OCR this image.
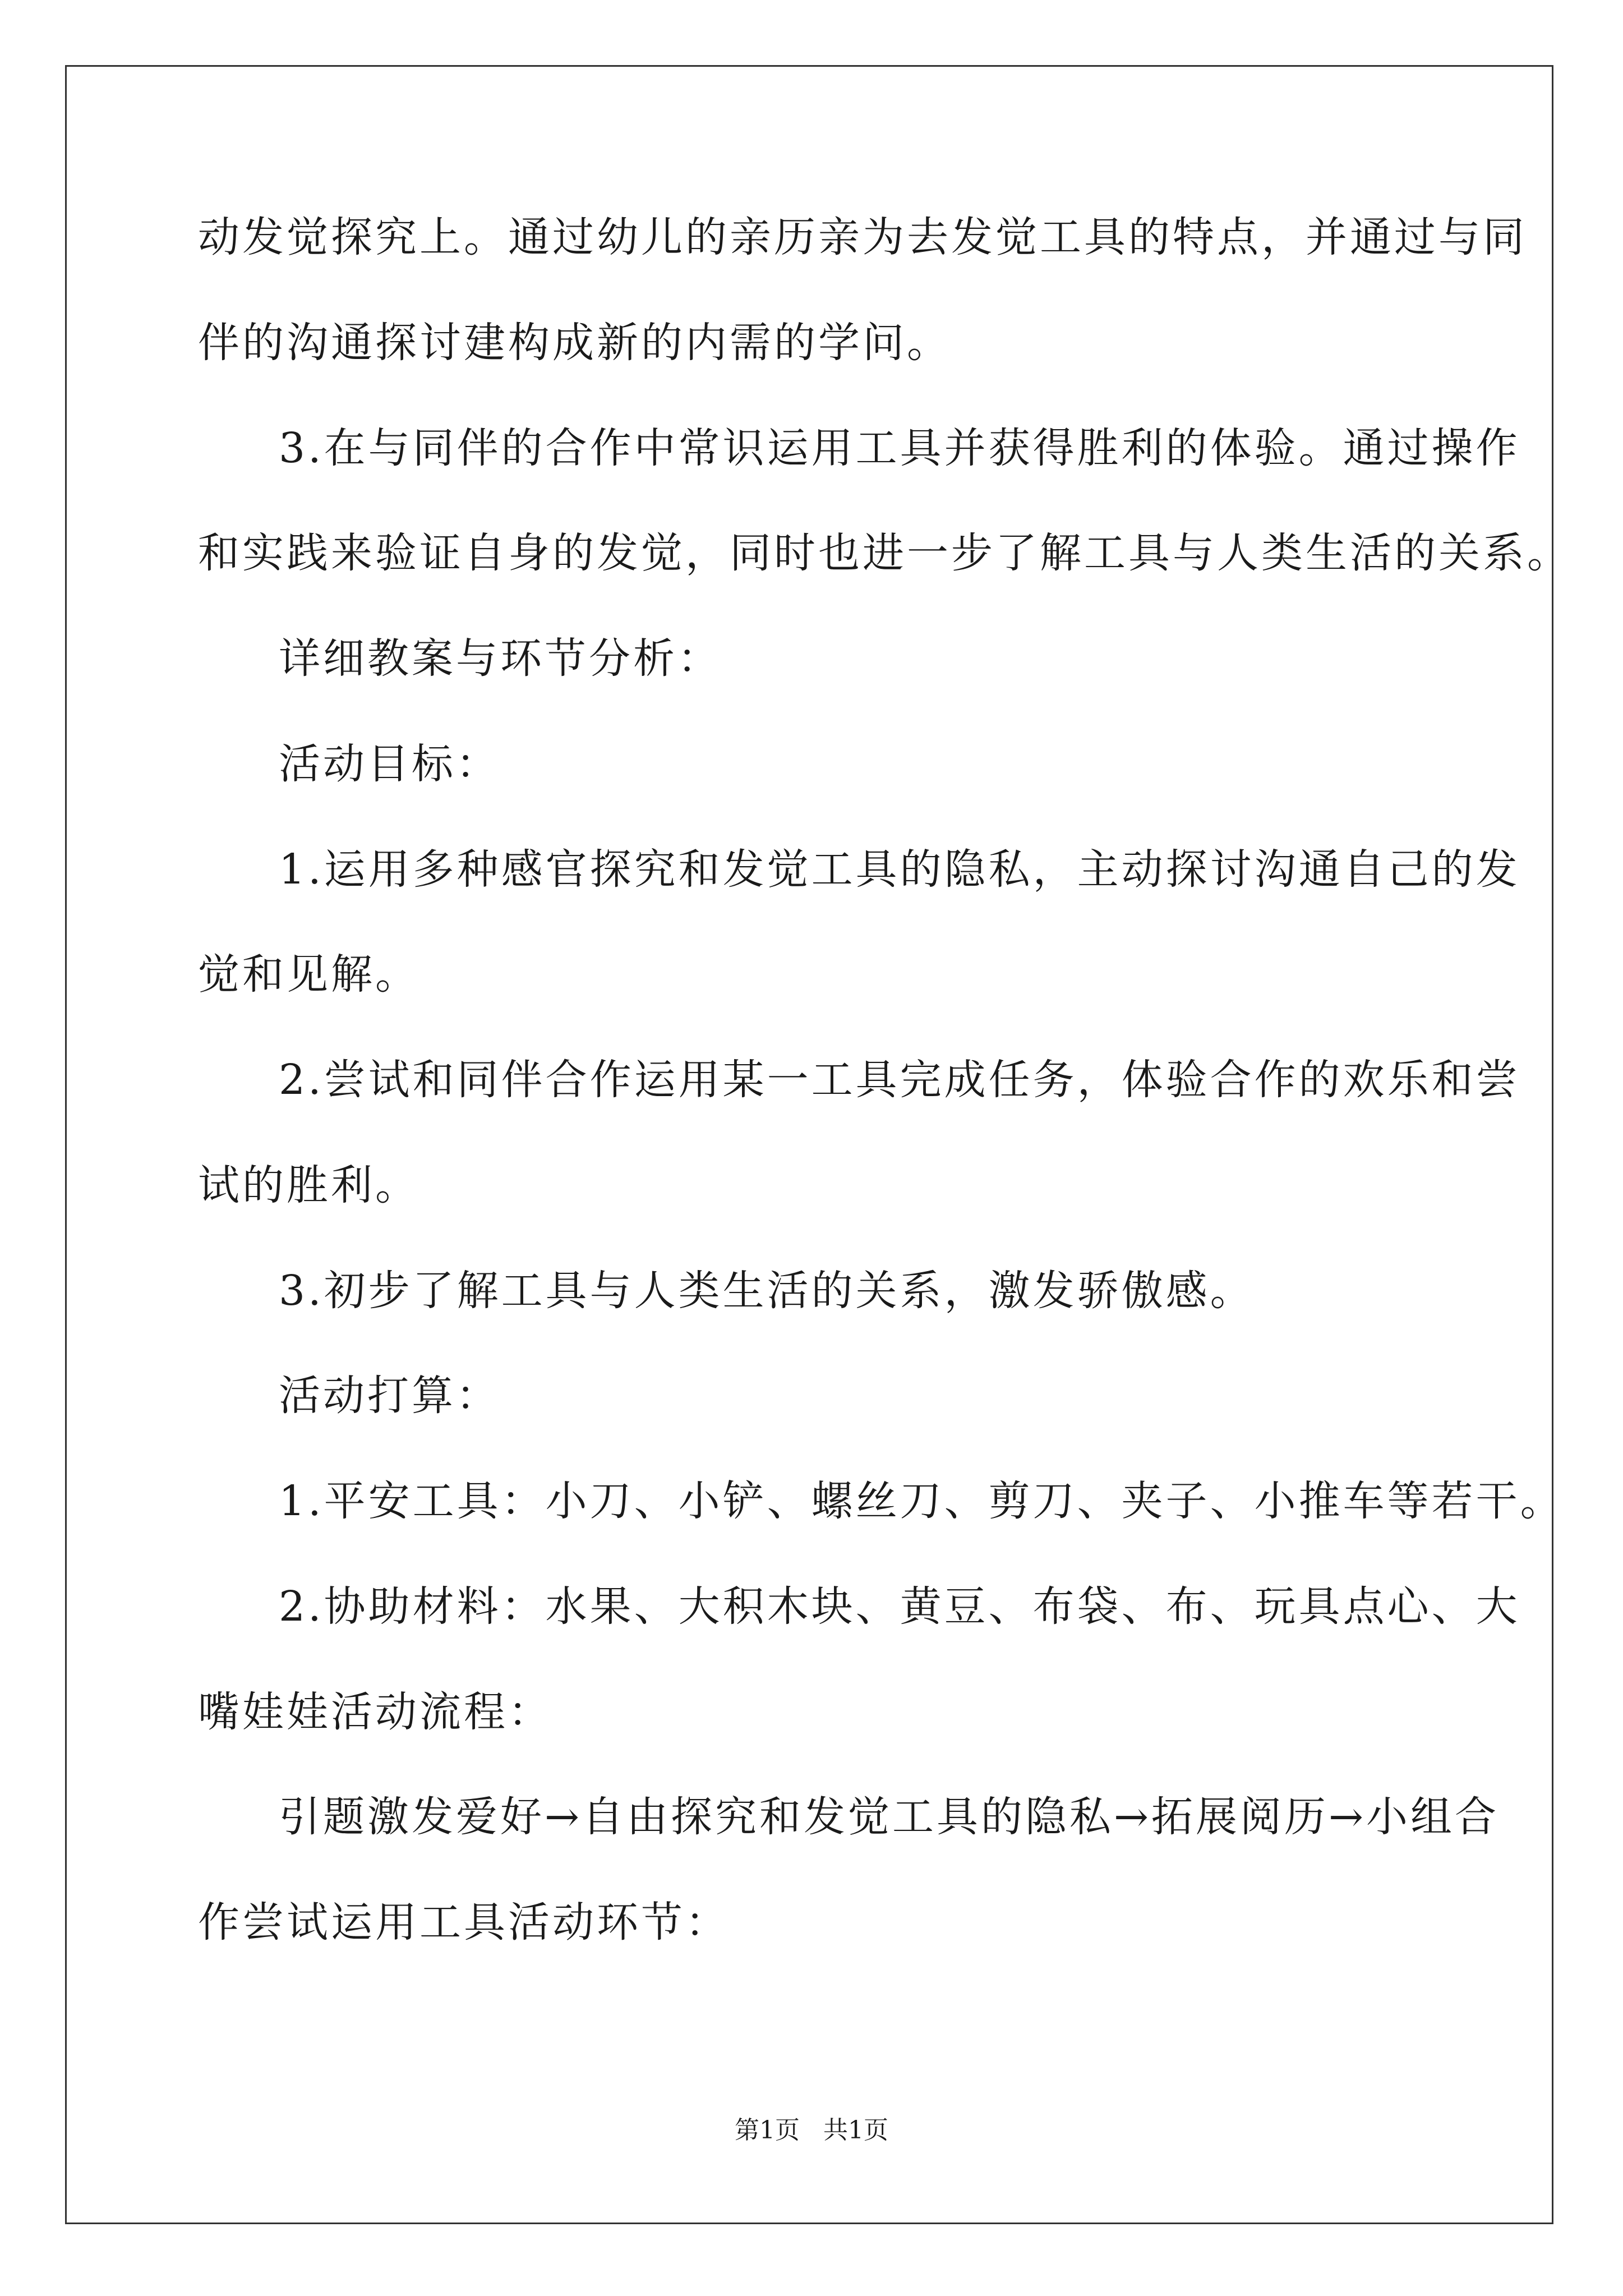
动发觉探究上。通过幼儿的亲历亲为去发觉工具的特点，并通过与同
伴的沟通探讨建构成新的内需的学问。
3.在与同伴的合作中常识运用工具并获得胜利的体验。通过操作
和实践来验证自身的发觉，同时也进一步了解工具与人类生活的关系。
详细教案与环节分析：
活动目标：
1.运用多种感官探究和发觉工具的隐私，主动探讨沟通自己的发
觉和见解。
2.尝试和同伴合作运用某一工具完成任务，体验合作的欢乐和尝
试的胜利。
3.初步了解工具与人类生活的关系，激发骄傲感。
活动打算：
1.平安工具：小刀、小铲、螺丝刀、剪刀、夹子、小推车等若干。
2.协助材料：水果、大积木块、黄豆、布袋、布、玩具点心、大
嘴娃娃活动流程：
引题激发爱好→自由探究和发觉工具的隐私→拓展阅历→小组合
作尝试运用工具活动环节：
第1页   共1页
